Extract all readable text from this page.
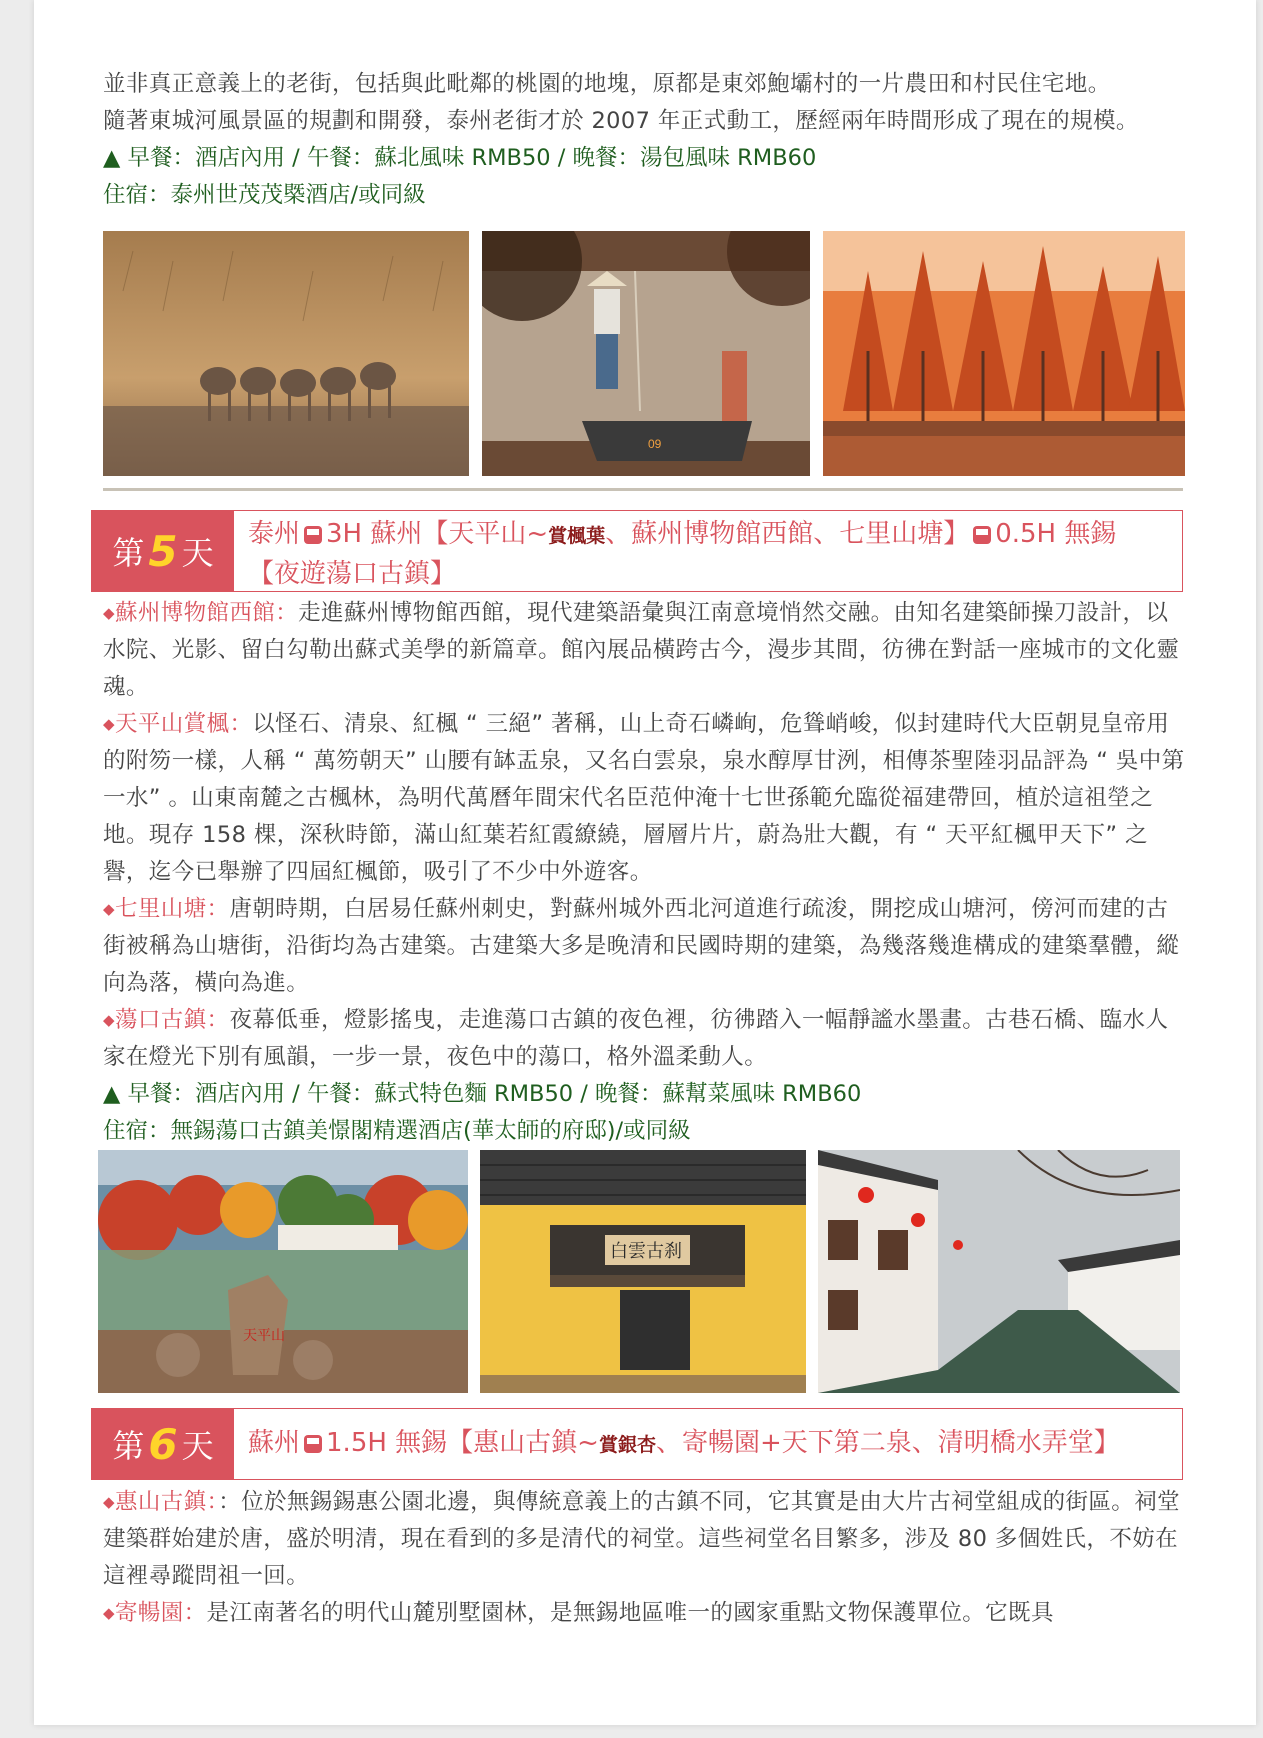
並非真正意義上的老街，包括與此毗鄰的桃園的地塊，原都是東郊鮑壩村的一片農田和村民住宅地。

隨著東城河風景區的規劃和開發，泰州老街才於 2007 年正式動工，歷經兩年時間形成了現在的規模。

▲ 早餐：酒店內用 / 午餐：蘇北風味 RMB50 / 晚餐：湯包風味 RMB60

住宿：泰州世茂茂槩酒店/或同級

09
第 5 天	泰州 3H 蘇州【天平山~賞楓葉、蘇州博物館西館、七里山塘】 0.5H 無錫【夜遊蕩口古鎮】

◆蘇州博物館西館：走進蘇州博物館西館，現代建築語彙與江南意境悄然交融。由知名建築師操刀設計，以水院、光影、留白勾勒出蘇式美學的新篇章。館內展品橫跨古今，漫步其間，彷彿在對話一座城市的文化靈魂。

◆天平山賞楓：以怪石、清泉、紅楓 “ 三絕” 著稱，山上奇石嶙峋，危聳峭峻，似封建時代大臣朝見皇帝用的附笏一樣，人稱 “ 萬笏朝天” 山腰有缽盂泉，又名白雲泉，泉水醇厚甘洌，相傳茶聖陸羽品評為 “ 吳中第一水” 。山東南麓之古楓林，為明代萬曆年間宋代名臣范仲淹十七世孫範允臨從福建帶回，植於這祖塋之地。現存 158 棵，深秋時節，滿山紅葉若紅霞繚繞，層層片片，蔚為壯大觀，有 “ 天平紅楓甲天下” 之譽，迄今已舉辦了四屆紅楓節，吸引了不少中外遊客。

◆七里山塘：唐朝時期，白居易任蘇州刺史，對蘇州城外西北河道進行疏浚，開挖成山塘河，傍河而建的古街被稱為山塘街，沿街均為古建築。古建築大多是晚清和民國時期的建築，為幾落幾進構成的建築羣體，縱向為落，橫向為進。

◆蕩口古鎮：夜幕低垂，燈影搖曳，走進蕩口古鎮的夜色裡，彷彿踏入一幅靜謐水墨畫。古巷石橋、臨水人家在燈光下別有風韻，一步一景，夜色中的蕩口，格外溫柔動人。

▲ 早餐：酒店內用 / 午餐：蘇式特色麵 RMB50 / 晚餐：蘇幫菜風味 RMB60

住宿：無錫蕩口古鎮美憬閣精選酒店(華太師的府邸)/或同級

天平山
白雲古刹
第 6 天 蘇州 1.5H 無錫【惠山古鎮~賞銀杏、寄暢園+天下第二泉、清明橋水弄堂】

◆惠山古鎮：：位於無錫錫惠公園北邊，與傳統意義上的古鎮不同，它其實是由大片古祠堂組成的街區。祠堂建築群始建於唐，盛於明清，現在看到的多是清代的祠堂。這些祠堂名目繁多，涉及 80 多個姓氏，不妨在這裡尋蹤問祖一回。

◆寄暢園：是江南著名的明代山麓別墅園林，是無錫地區唯一的國家重點文物保護單位。它既具
